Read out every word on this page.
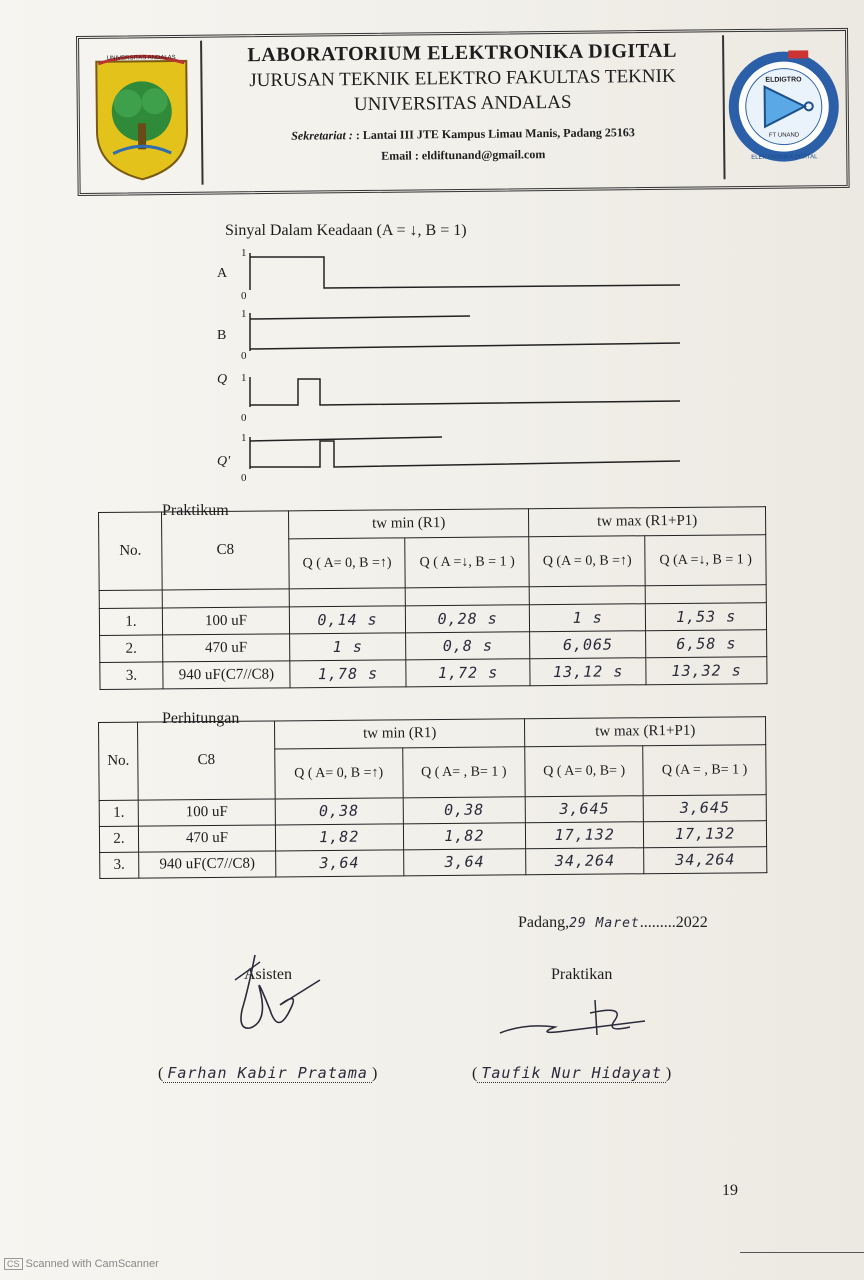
UNIVERSITAS ANDALAS	LABORATORIUM ELEKTRONIKA DIGITAL
JURUSAN TEKNIK ELEKTRO FAKULTAS TEKNIK
UNIVERSITAS ANDALAS
Sekretariat : : Lantai III JTE Kampus Limau Manis, Padang 25163
Email : eldiftunand@gmail.com	ELEKTRONIKA DIGITAL
ELDIGTRO
FT UNAND
Sinyal Dalam Keadaan (A = ↓, B = 1)
A
B
Q
Q'
1
0
1
0
1
0
1
0
Praktikum
No.	C8	tw min (R1)		tw max (R1+P1)	
		Q ( A= 0, B =↑)	Q ( A =↓, B = 1 )	Q (A = 0, B =↑)	Q (A =↓, B = 1 )

1.	100 uF	0,14 s	0,28 s	1 s	1,53 s
2.	470 uF	1 s	0,8 s	6,065	6,58 s
3.	940 uF(C7//C8)	1,78 s	1,72 s	13,12 s	13,32 s
Perhitungan
No.	C8	tw min (R1)		tw max (R1+P1)	
		Q ( A= 0, B =↑)	Q ( A= , B= 1 )	Q ( A= 0, B= )	Q (A = , B= 1 )
1.	100 uF	0,38	0,38	3,645	3,645
2.	470 uF	1,82	1,82	17,132	17,132
3.	940 uF(C7//C8)	3,64	3,64	34,264	34,264
Padang,29 Maret.........2022
Asisten	Praktikan
( Farhan Kabir Pratama )	( Taufik Nur Hidayat )
19
CS Scanned with CamScanner
